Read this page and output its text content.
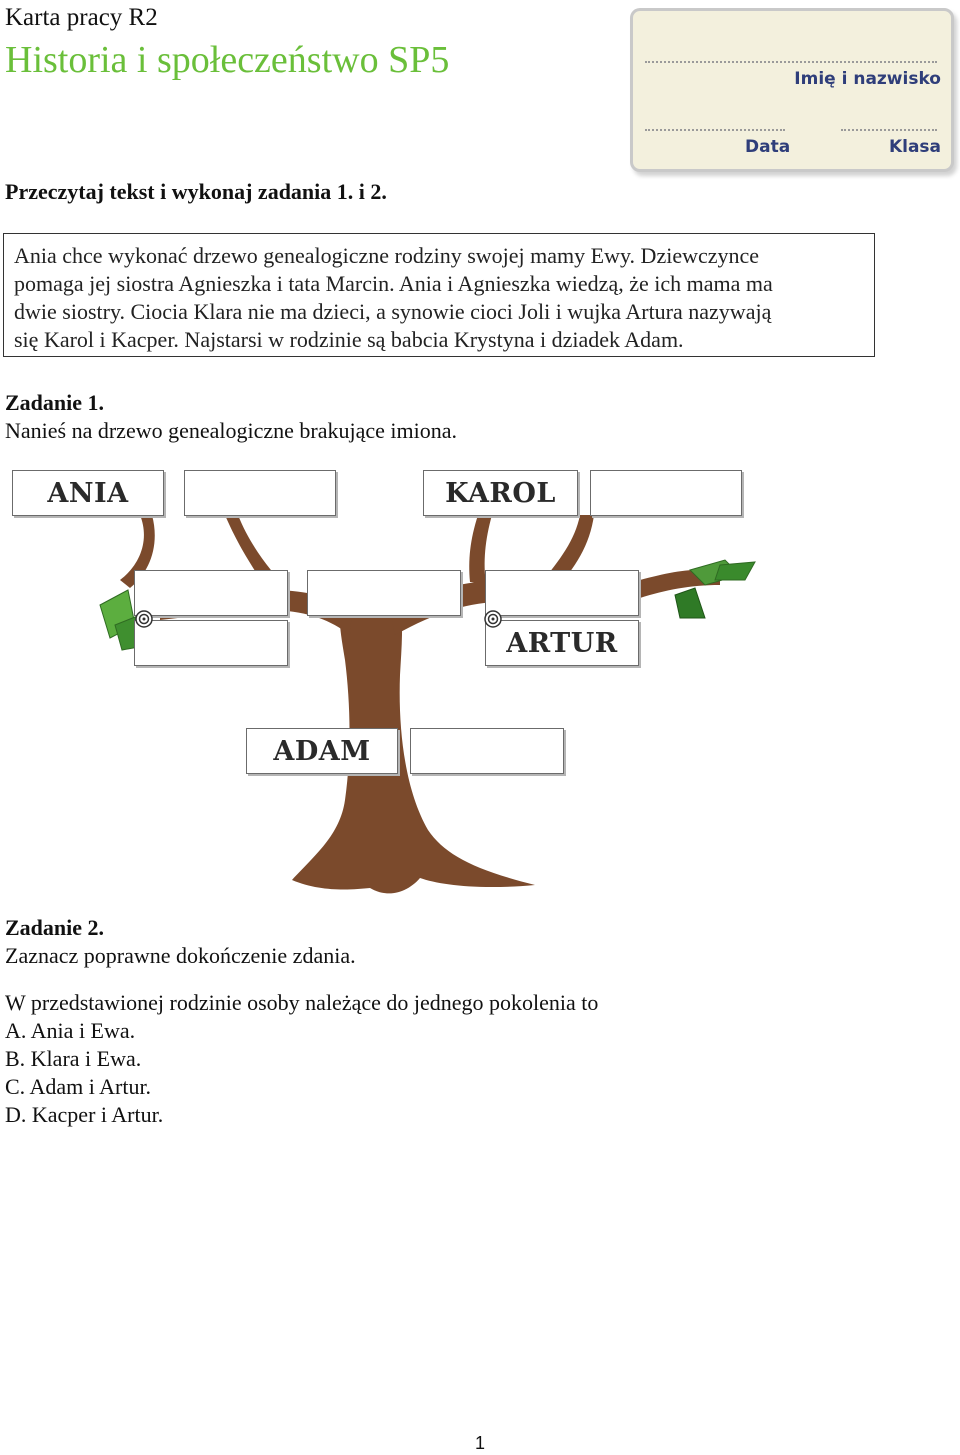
Karta pracy R2
Historia i społeczeństwo SP5	Imię i nazwisko
Data	Klasa
Przeczytaj tekst i wykonaj zadania 1. i 2.
Ania chce wykonać drzewo genealogiczne rodziny swojej mamy Ewy. Dziewczynce
pomaga jej siostra Agnieszka i tata Marcin. Ania i Agnieszka wiedzą, że ich mama ma
dwie siostry. Ciocia Klara nie ma dzieci, a synowie cioci Joli i wujka Artura nazywają
się Karol i Kacper. Najstarsi w rodzinie są babcia Krystyna i dziadek Adam.
Zadanie 1.
Nanieś na drzewo genealogiczne brakujące imiona.
ANIA	KAROL
ARTUR
ADAM
Zadanie 2.
Zaznacz poprawne dokończenie zdania.
W przedstawionej rodzinie osoby należące do jednego pokolenia to
A. Ania i Ewa.
B. Klara i Ewa.
C. Adam i Artur.
D. Kacper i Artur.
1
